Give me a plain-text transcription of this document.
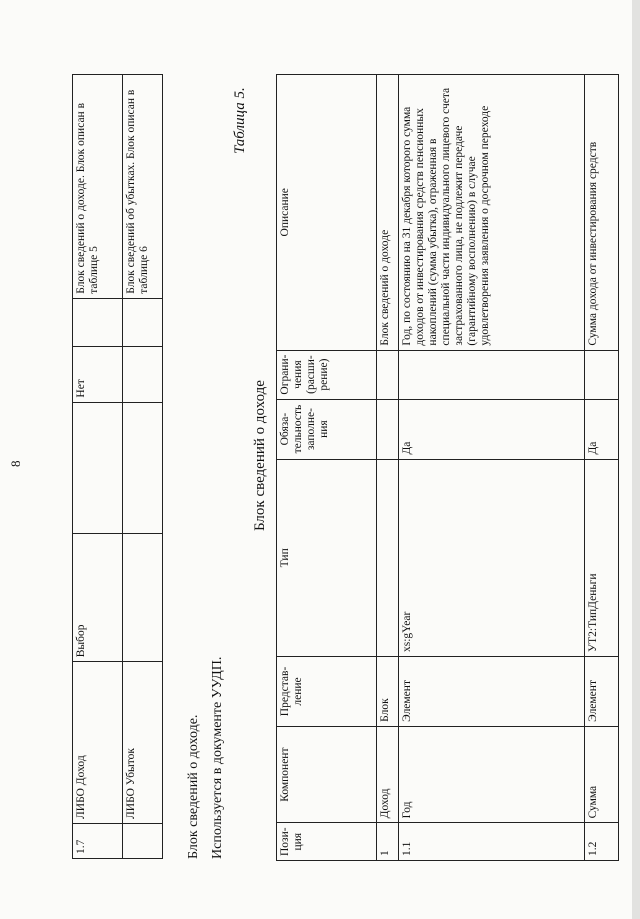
8
1.7	ЛИБО Доход	Выбор		Нет		Блок сведений о доходе. Блок описан в таблице 5
	ЛИБО Убыток					Блок сведений об убытках. Блок описан в таблице 6
Блок сведений о доходе. Используется в документе УУДП.
Таблица 5.
Блок сведений о доходе
Пози-ция	Компонент	Представ-ление	Тип	Обяза-тельность заполне-ния	Ограни-чения (расши-рение)	Описание
1	Доход	Блок				Блок сведений о доходе
1.1	Год	Элемент	xs:gYear	Да		Год, по состоянию на 31 декабря которого сумма доходов от инвестирования средств пенсионных накоплений (сумма убытка), отраженная в специальной части индивидуального лицевого счета застрахованного лица, не подлежит передаче (гарантийному восполнению) в случае удовлетворения заявления о досрочном переходе
1.2	Сумма	Элемент	УТ2:ТипДеньги	Да		Сумма дохода от инвестирования средств
